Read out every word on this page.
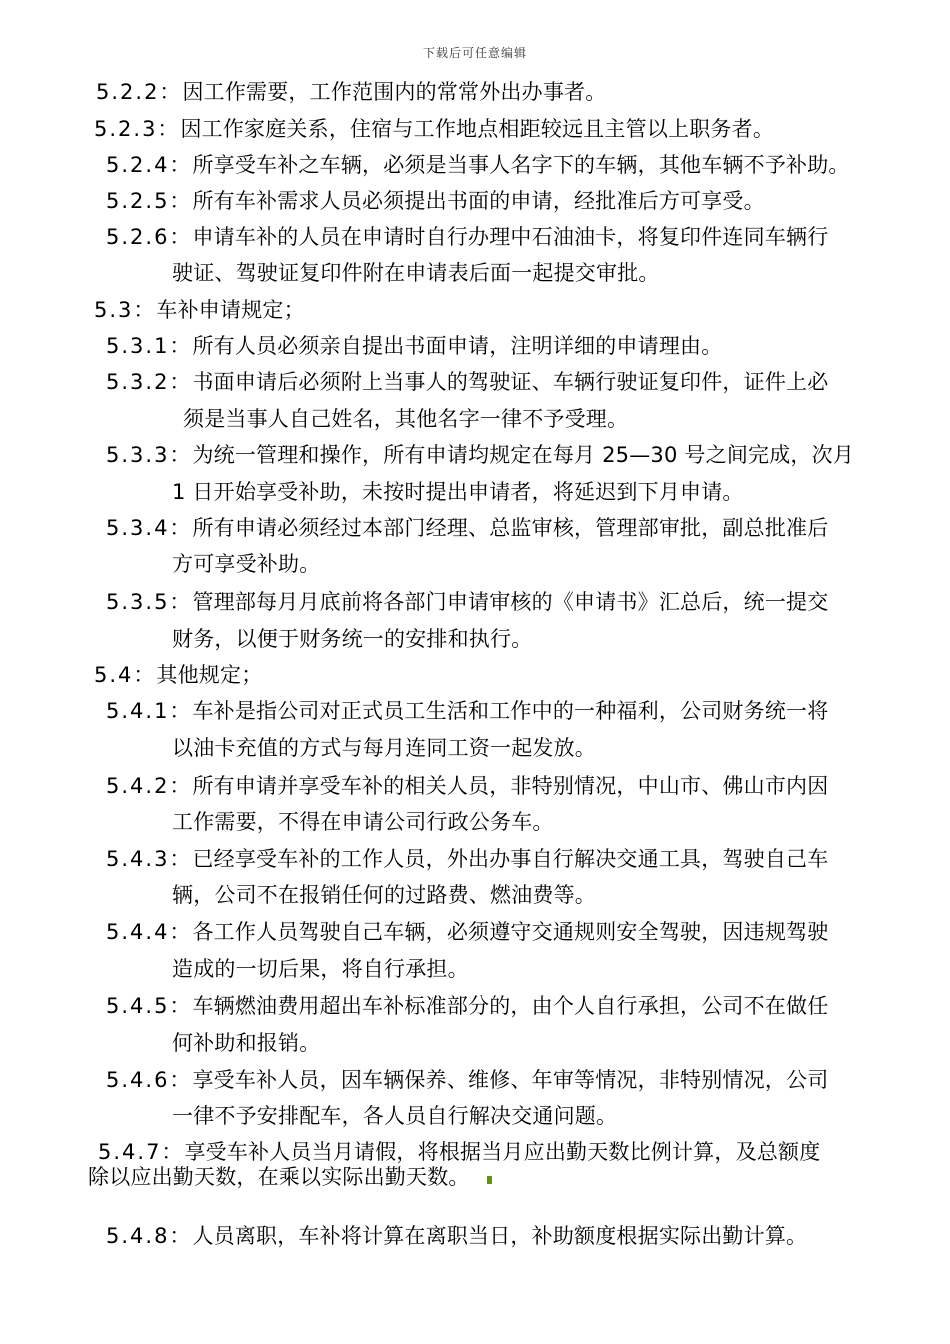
下载后可任意编辑
5.2.2：因工作需要，工作范围内的常常外出办事者。
5.2.3：因工作家庭关系，住宿与工作地点相距较远且主管以上职务者。
5.2.4：所享受车补之车辆，必须是当事人名字下的车辆，其他车辆不予补助。
5.2.5：所有车补需求人员必须提出书面的申请，经批准后方可享受。
5.2.6：申请车补的人员在申请时自行办理中石油油卡，将复印件连同车辆行
驶证、驾驶证复印件附在申请表后面一起提交审批。
5.3：车补申请规定；
5.3.1：所有人员必须亲自提出书面申请，注明详细的申请理由。
5.3.2：书面申请后必须附上当事人的驾驶证、车辆行驶证复印件，证件上必
须是当事人自己姓名，其他名字一律不予受理。
5.3.3：为统一管理和操作，所有申请均规定在每月 25—30 号之间完成，次月
1 日开始享受补助，未按时提出申请者，将延迟到下月申请。
5.3.4：所有申请必须经过本部门经理、总监审核，管理部审批，副总批准后
方可享受补助。
5.3.5：管理部每月月底前将各部门申请审核的《申请书》汇总后，统一提交
财务，以便于财务统一的安排和执行。
5.4：其他规定；
5.4.1：车补是指公司对正式员工生活和工作中的一种福利，公司财务统一将
以油卡充值的方式与每月连同工资一起发放。
5.4.2：所有申请并享受车补的相关人员，非特别情况，中山市、佛山市内因
工作需要，不得在申请公司行政公务车。
5.4.3：已经享受车补的工作人员，外出办事自行解决交通工具，驾驶自己车
辆，公司不在报销任何的过路费、燃油费等。
5.4.4：各工作人员驾驶自己车辆，必须遵守交通规则安全驾驶，因违规驾驶
造成的一切后果，将自行承担。
5.4.5：车辆燃油费用超出车补标准部分的，由个人自行承担，公司不在做任
何补助和报销。
5.4.6：享受车补人员，因车辆保养、维修、年审等情况，非特别情况，公司
一律不予安排配车，各人员自行解决交通问题。
5.4.7：享受车补人员当月请假，将根据当月应出勤天数比例计算，及总额度
除以应出勤天数，在乘以实际出勤天数。
5.4.8：人员离职，车补将计算在离职当日，补助额度根据实际出勤计算。
